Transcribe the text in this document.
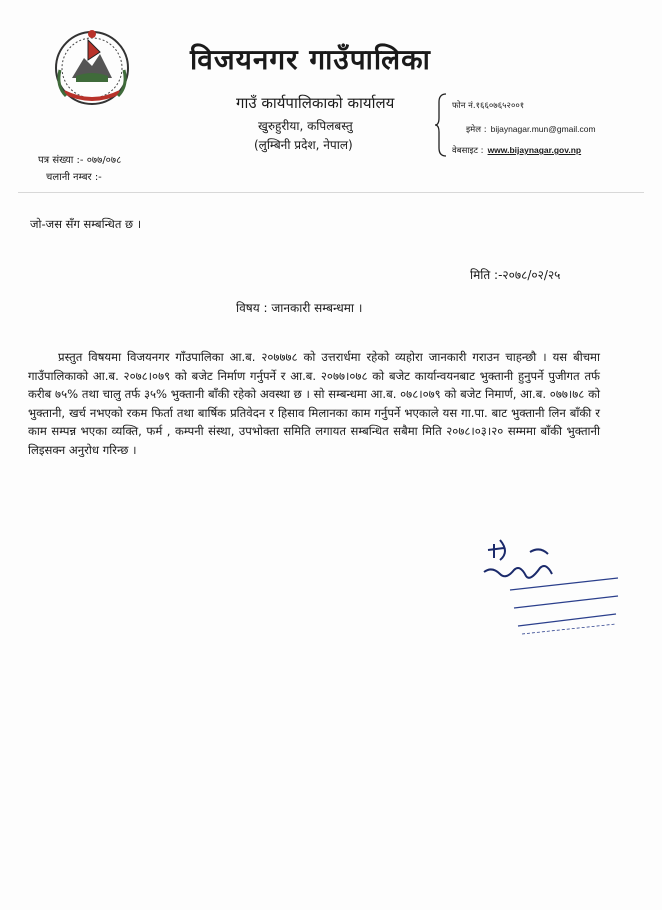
विजयनगर गाउँपालिका
गाउँ कार्यपालिकाको कार्यालय
खुरुहुरीया, कपिलबस्तु
(लुम्बिनी प्रदेश, नेपाल)
फोन नं.१६६०७६५२००१
इमेल : bijaynagar.mun@gmail.com
वेबसाइट : www.bijaynagar.gov.np
पत्र संख्या :- ०७७/०७८
चलानी नम्बर :-
जो-जस सँग सम्बन्धित छ ।
मिति :-२०७८/०२/२५
विषय : जानकारी सम्बन्धमा ।
प्रस्तुत विषयमा विजयनगर गाँउपालिका आ.ब. २०७७७८ को उत्तरार्धमा रहेको व्यहोरा जानकारी गराउन चाहन्छौ । यस बीचमा गाउँपालिकाको आ.ब. २०७८।०७९ को बजेट निर्माण गर्नुपर्ने र आ.ब. २०७७।०७८ को बजेट कार्यान्वयनबाट भुक्तानी हुनुपर्ने पुजीगत तर्फ करीब ७५% तथा चालु तर्फ ३५% भुक्तानी बाँकी रहेको अवस्था छ । सो सम्बन्धमा आ.ब. ०७८।०७९ को बजेट निमार्ण, आ.ब. ०७७।७८ को भुक्तानी, खर्च नभएको रकम फिर्ता तथा बार्षिक प्रतिवेदन र हिसाव मिलानका काम गर्नुपर्ने भएकाले यस गा.पा. बाट भुक्तानी लिन बाँकी र काम सम्पन्न भएका व्यक्ति, फर्म , कम्पनी संस्था, उपभोक्ता समिति लगायत सम्बन्धित सबैमा मिति २०७८।०३।२० सम्ममा बाँकी भुक्तानी लिइसक्न अनुरोध गरिन्छ ।
